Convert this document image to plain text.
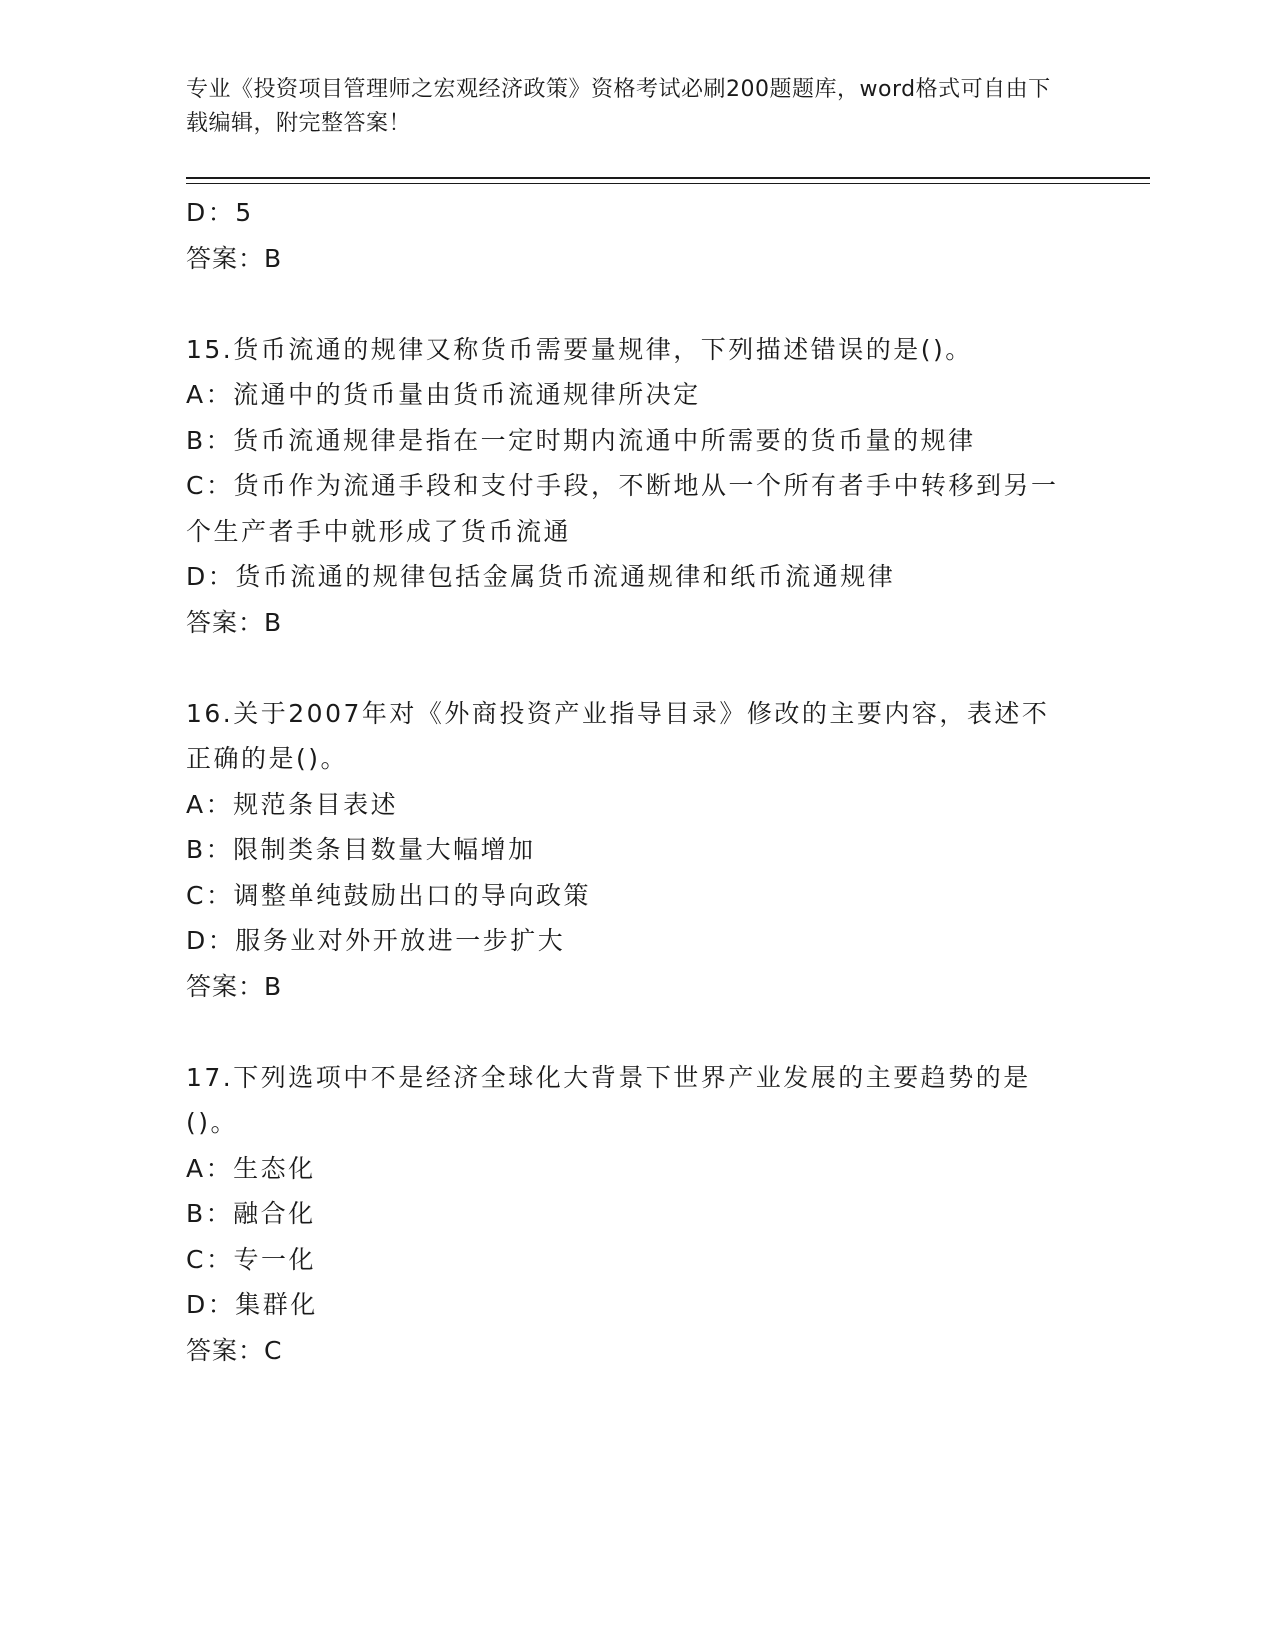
专业《投资项目管理师之宏观经济政策》资格考试必刷200题题库，word格式可自由下载编辑，附完整答案！
D：5
答案：B
15.货币流通的规律又称货币需要量规律，下列描述错误的是()。
A：流通中的货币量由货币流通规律所决定
B：货币流通规律是指在一定时期内流通中所需要的货币量的规律
C：货币作为流通手段和支付手段，不断地从一个所有者手中转移到另一个生产者手中就形成了货币流通
D：货币流通的规律包括金属货币流通规律和纸币流通规律
答案：B
16.关于2007年对《外商投资产业指导目录》修改的主要内容，表述不正确的是()。
A：规范条目表述
B：限制类条目数量大幅增加
C：调整单纯鼓励出口的导向政策
D：服务业对外开放进一步扩大
答案：B
17.下列选项中不是经济全球化大背景下世界产业发展的主要趋势的是()。
A：生态化
B：融合化
C：专一化
D：集群化
答案：C
